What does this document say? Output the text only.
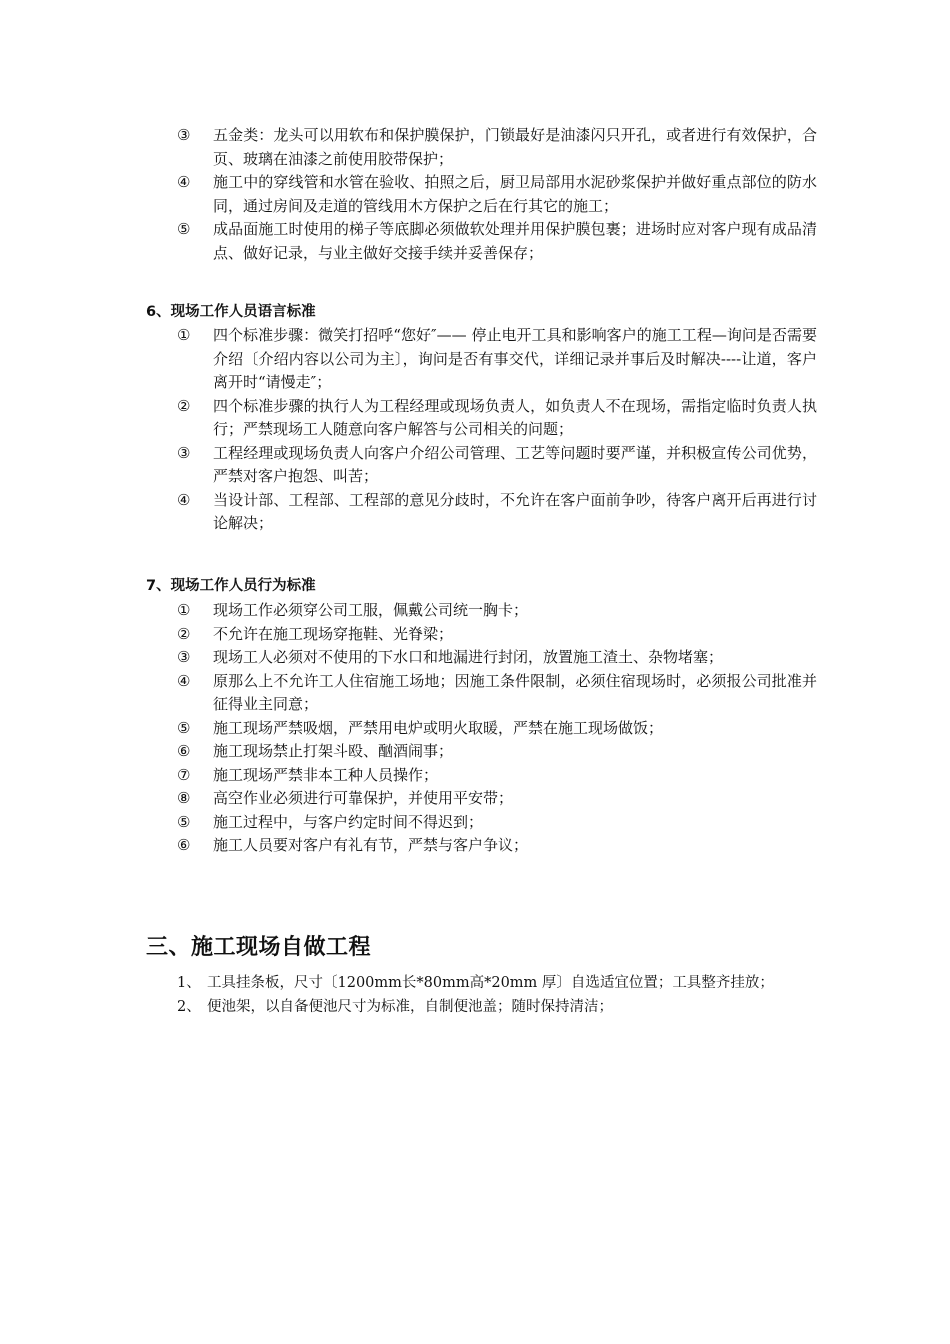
③	五金类：龙头可以用软布和保护膜保护，门锁最好是油漆闪只开孔，或者进行有效保护，合页、玻璃在油漆之前使用胶带保护；
④	施工中的穿线管和水管在验收、拍照之后，厨卫局部用水泥砂浆保护并做好重点部位的防水同，通过房间及走道的管线用木方保护之后在行其它的施工；
⑤	成品面施工时使用的梯子等底脚必须做软处理并用保护膜包裹；进场时应对客户现有成品清点、做好记录，与业主做好交接手续并妥善保存；
6、现场工作人员语言标准
①	四个标准步骤：微笑打招呼“您好″—— 停止电开工具和影响客户的施工工程—询问是否需要介绍〔介绍内容以公司为主〕，询问是否有事交代，详细记录并事后及时解决----让道，客户离开时“请慢走″；
②	四个标准步骤的执行人为工程经理或现场负责人，如负责人不在现场，需指定临时负责人执行；严禁现场工人随意向客户解答与公司相关的问题；
③	工程经理或现场负责人向客户介绍公司管理、工艺等问题时要严谨，并积极宣传公司优势，严禁对客户抱怨、叫苦；
④	当设计部、工程部、工程部的意见分歧时，不允许在客户面前争吵，待客户离开后再进行讨论解决；
7、现场工作人员行为标准
①	现场工作必须穿公司工服，佩戴公司统一胸卡；
②	不允许在施工现场穿拖鞋、光脊梁；
③	现场工人必须对不使用的下水口和地漏进行封闭，放置施工渣土、杂物堵塞；
④	原那么上不允许工人住宿施工场地；因施工条件限制，必须住宿现场时，必须报公司批准并征得业主同意；
⑤	施工现场严禁吸烟，严禁用电炉或明火取暖，严禁在施工现场做饭；
⑥	施工现场禁止打架斗殴、酗酒闹事；
⑦	施工现场严禁非本工种人员操作；
⑧	高空作业必须进行可靠保护，并使用平安带；
⑤	施工过程中，与客户约定时间不得迟到；
⑥	施工人员要对客户有礼有节，严禁与客户争议；
三、施工现场自做工程
1、 工具挂条板，尺寸〔1200mm长*80mm高*20mm 厚〕自选适宜位置；工具整齐挂放；
2、 便池架，以自备便池尺寸为标准，自制便池盖；随时保持清洁；
